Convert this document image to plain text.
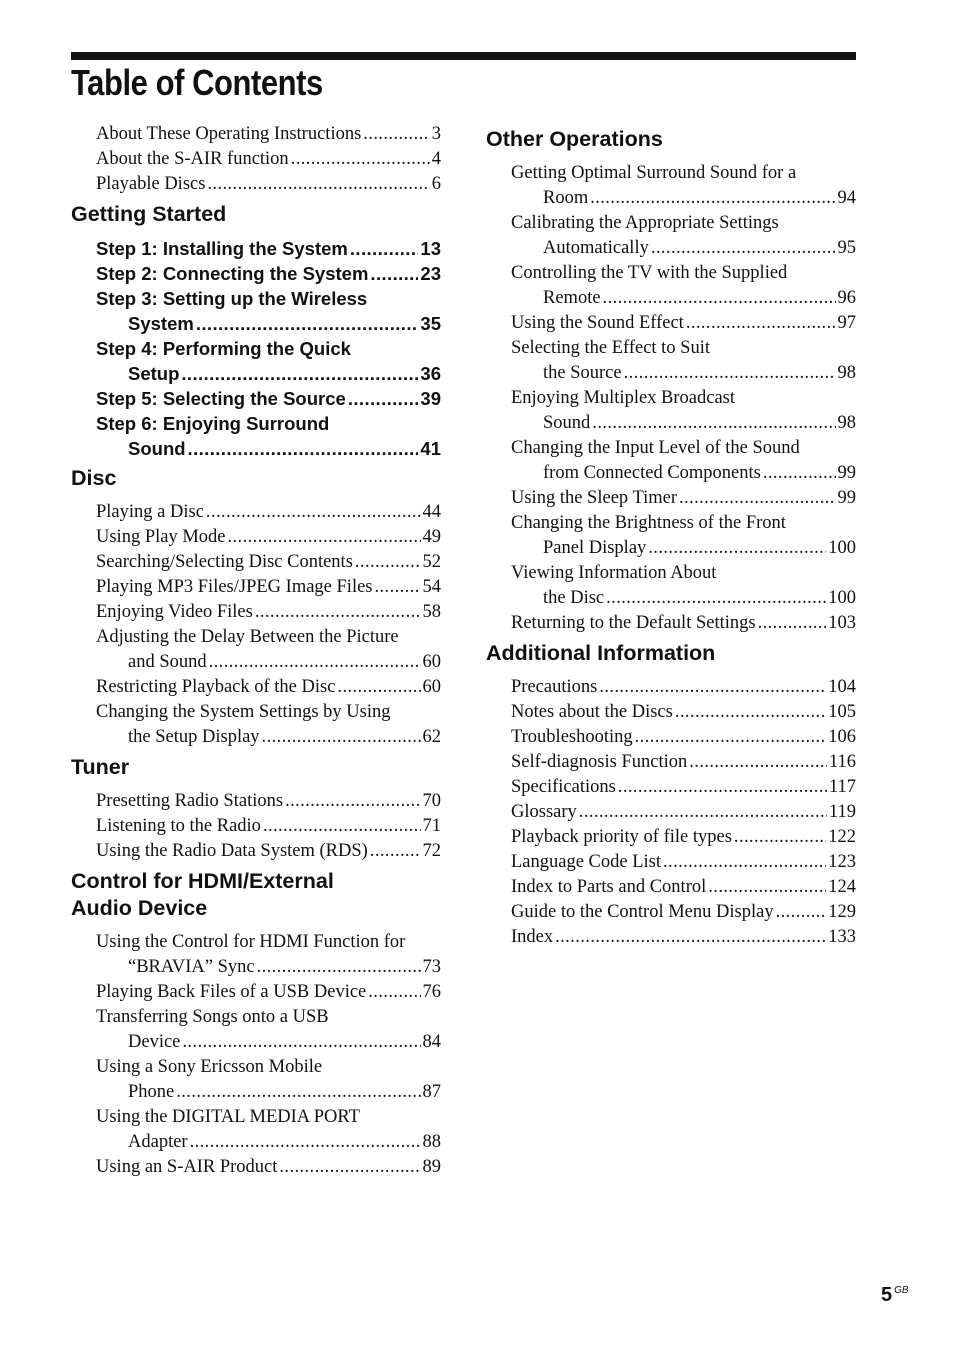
Table of Contents
About These Operating Instructions .....	3
About the S-AIR function .....	4
Playable Discs .....	6
Getting Started
Step 1: Installing the System .....	13
Step 2: Connecting the System .....	23
Step 3: Setting up the Wireless
System .....	35
Step 4: Performing the Quick
Setup .....	36
Step 5: Selecting the Source .....	39
Step 6: Enjoying Surround
Sound .....	41
Disc
Playing a Disc .....	44
Using Play Mode .....	49
Searching/Selecting Disc Contents .....	52
Playing MP3 Files/JPEG Image Files .....	54
Enjoying Video Files .....	58
Adjusting the Delay Between the Picture
and Sound .....	60
Restricting Playback of the Disc .....	60
Changing the System Settings by Using
the Setup Display .....	62
Tuner
Presetting Radio Stations .....	70
Listening to the Radio .....	71
Using the Radio Data System (RDS) .....	72
Control for HDMI/External
Audio Device
Using the Control for HDMI Function for
“BRAVIA” Sync .....	73
Playing Back Files of a USB Device .....	76
Transferring Songs onto a USB
Device .....	84
Using a Sony Ericsson Mobile
Phone .....	87
Using the DIGITAL MEDIA PORT
Adapter .....	88
Using an S-AIR Product .....	89
Other Operations
Getting Optimal Surround Sound for a
Room .....	94
Calibrating the Appropriate Settings
Automatically .....	95
Controlling the TV with the Supplied
Remote .....	96
Using the Sound Effect .....	97
Selecting the Effect to Suit
the Source .....	98
Enjoying Multiplex Broadcast
Sound .....	98
Changing the Input Level of the Sound
from Connected Components .....	99
Using the Sleep Timer .....	99
Changing the Brightness of the Front
Panel Display .....	100
Viewing Information About
the Disc .....	100
Returning to the Default Settings .....	103
Additional Information
Precautions .....	104
Notes about the Discs .....	105
Troubleshooting .....	106
Self-diagnosis Function .....	116
Specifications .....	117
Glossary .....	119
Playback priority of file types .....	122
Language Code List .....	123
Index to Parts and Control .....	124
Guide to the Control Menu Display .....	129
Index .....	133
5 $^{GB}$
